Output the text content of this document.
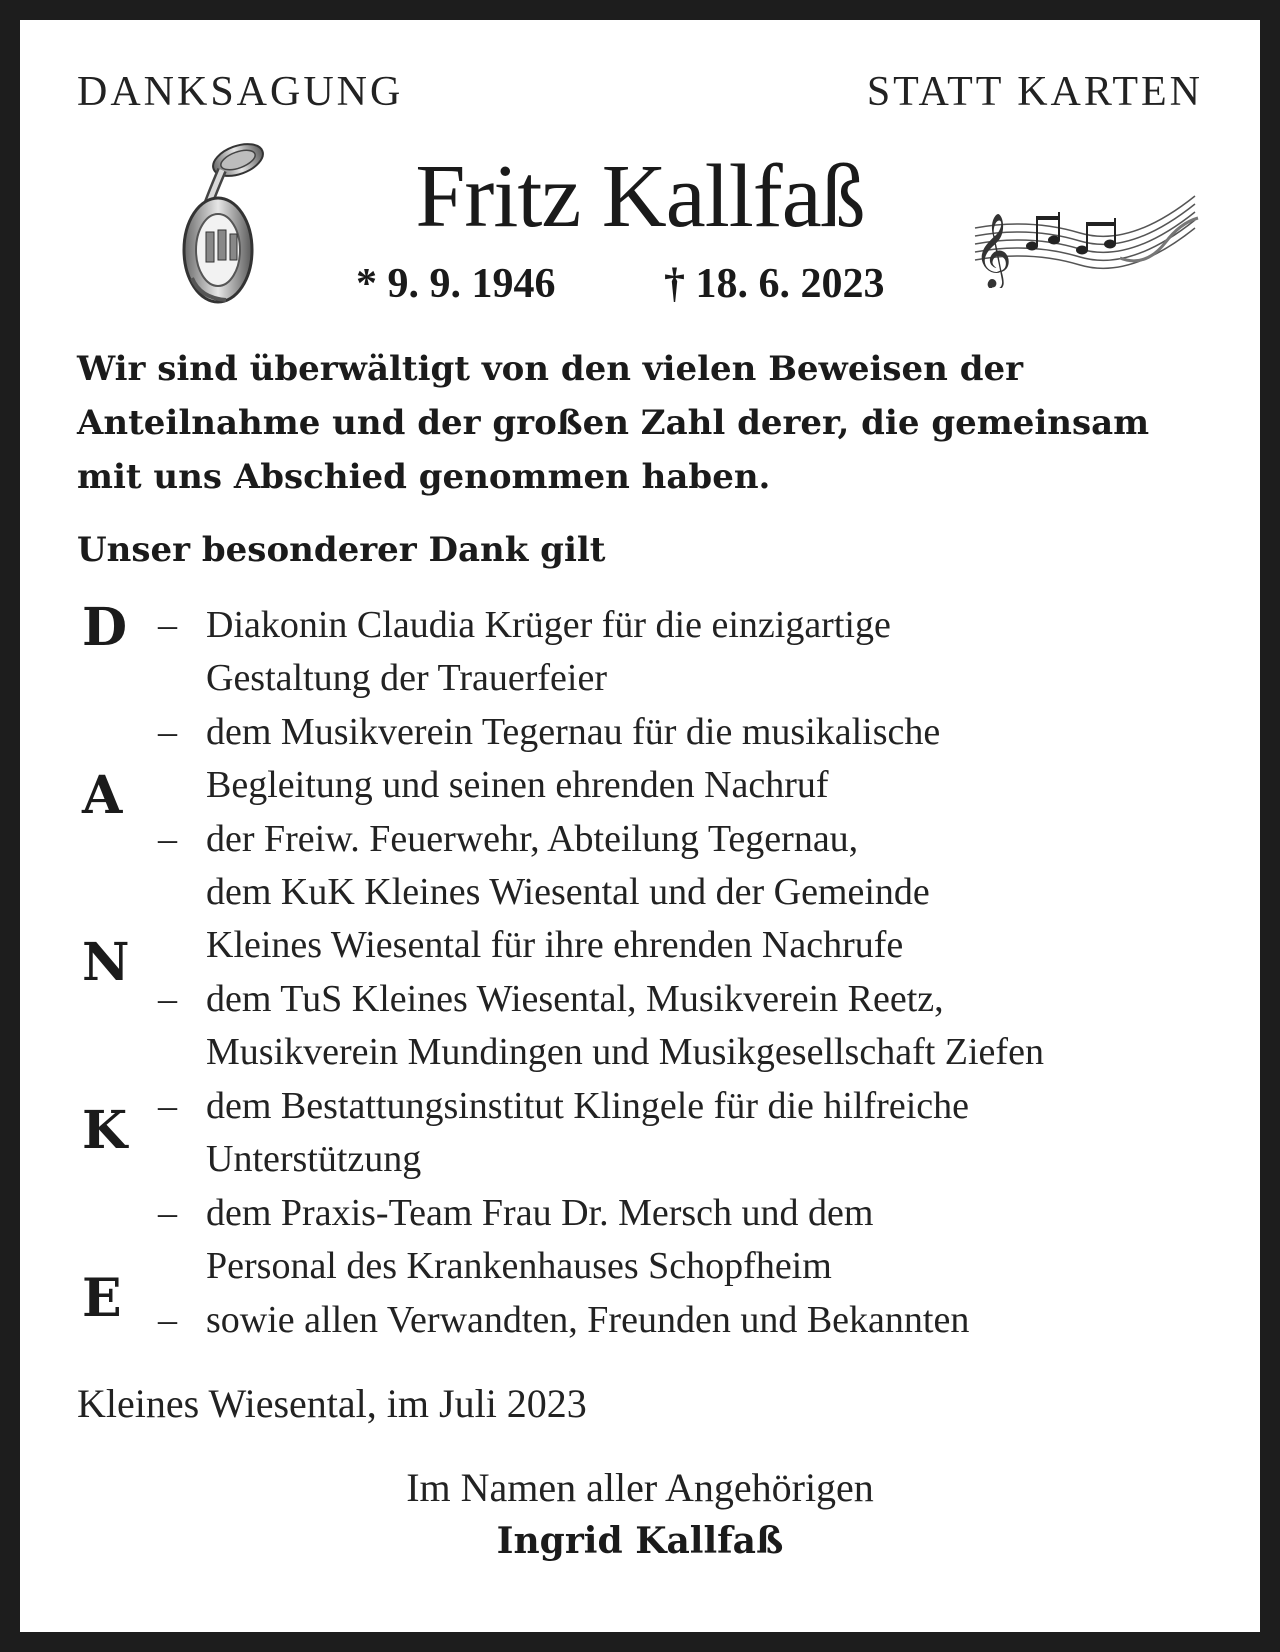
DANKSAGUNG	STATT KARTEN
Fritz Kallfaß
𝄞
* 9. 9. 1946	† 18. 6. 2023
Wir sind überwältigt von den vielen Beweisen der
Anteilnahme und der großen Zahl derer, die gemeinsam
mit uns Abschied genommen haben.
Unser besonderer Dank gilt
D
A
N
K
E
–
–
–
–
–
–
–
Diakonin Claudia Krüger für die einzigartige
Gestaltung der Trauerfeier
dem Musikverein Tegernau für die musikalische
Begleitung und seinen ehrenden Nachruf
der Freiw. Feuerwehr, Abteilung Tegernau,
dem KuK Kleines Wiesental und der Gemeinde
Kleines Wiesental für ihre ehrenden Nachrufe
dem TuS Kleines Wiesental, Musikverein Reetz,
Musikverein Mundingen und Musikgesellschaft Ziefen
dem Bestattungsinstitut Klingele für die hilfreiche
Unterstützung
dem Praxis-Team Frau Dr. Mersch und dem
Personal des Krankenhauses Schopfheim
sowie allen Verwandten, Freunden und Bekannten
Kleines Wiesental, im Juli 2023
Im Namen aller Angehörigen
Ingrid Kallfaß
